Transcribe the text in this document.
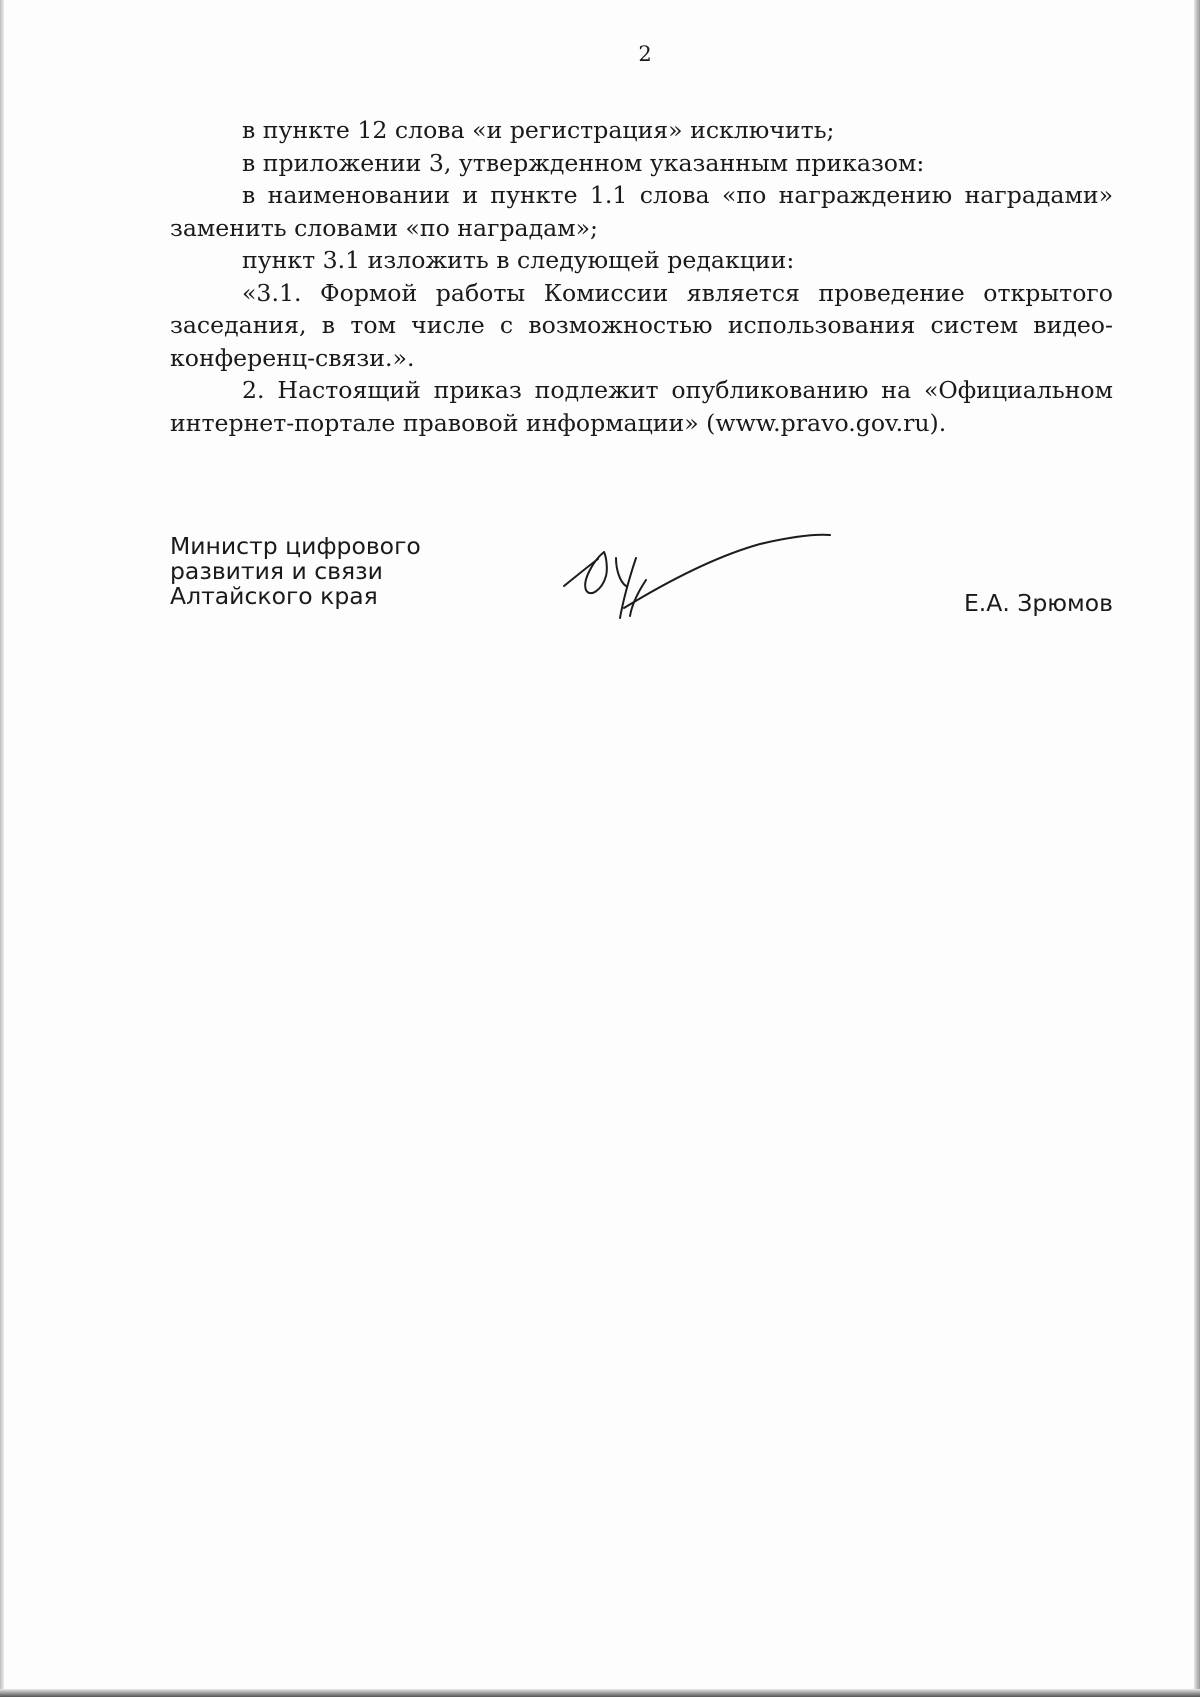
2

в пункте 12 слова «и регистрация» исключить;

в приложении 3, утвержденном указанным приказом:

в наименовании и пункте 1.1 слова «по награждению наградами» заменить словами «по наградам»;

пункт 3.1 изложить в следующей редакции:

«3.1. Формой работы Комиссии является проведение открытого заседания, в том числе с возможностью использования систем видео-конференц-связи.».

2. Настоящий приказ подлежит опубликованию на «Официальном интернет-портале правовой информации» (www.pravo.gov.ru).

Министр цифрового
развития и связи
Алтайского края	Е.А. Зрюмов
